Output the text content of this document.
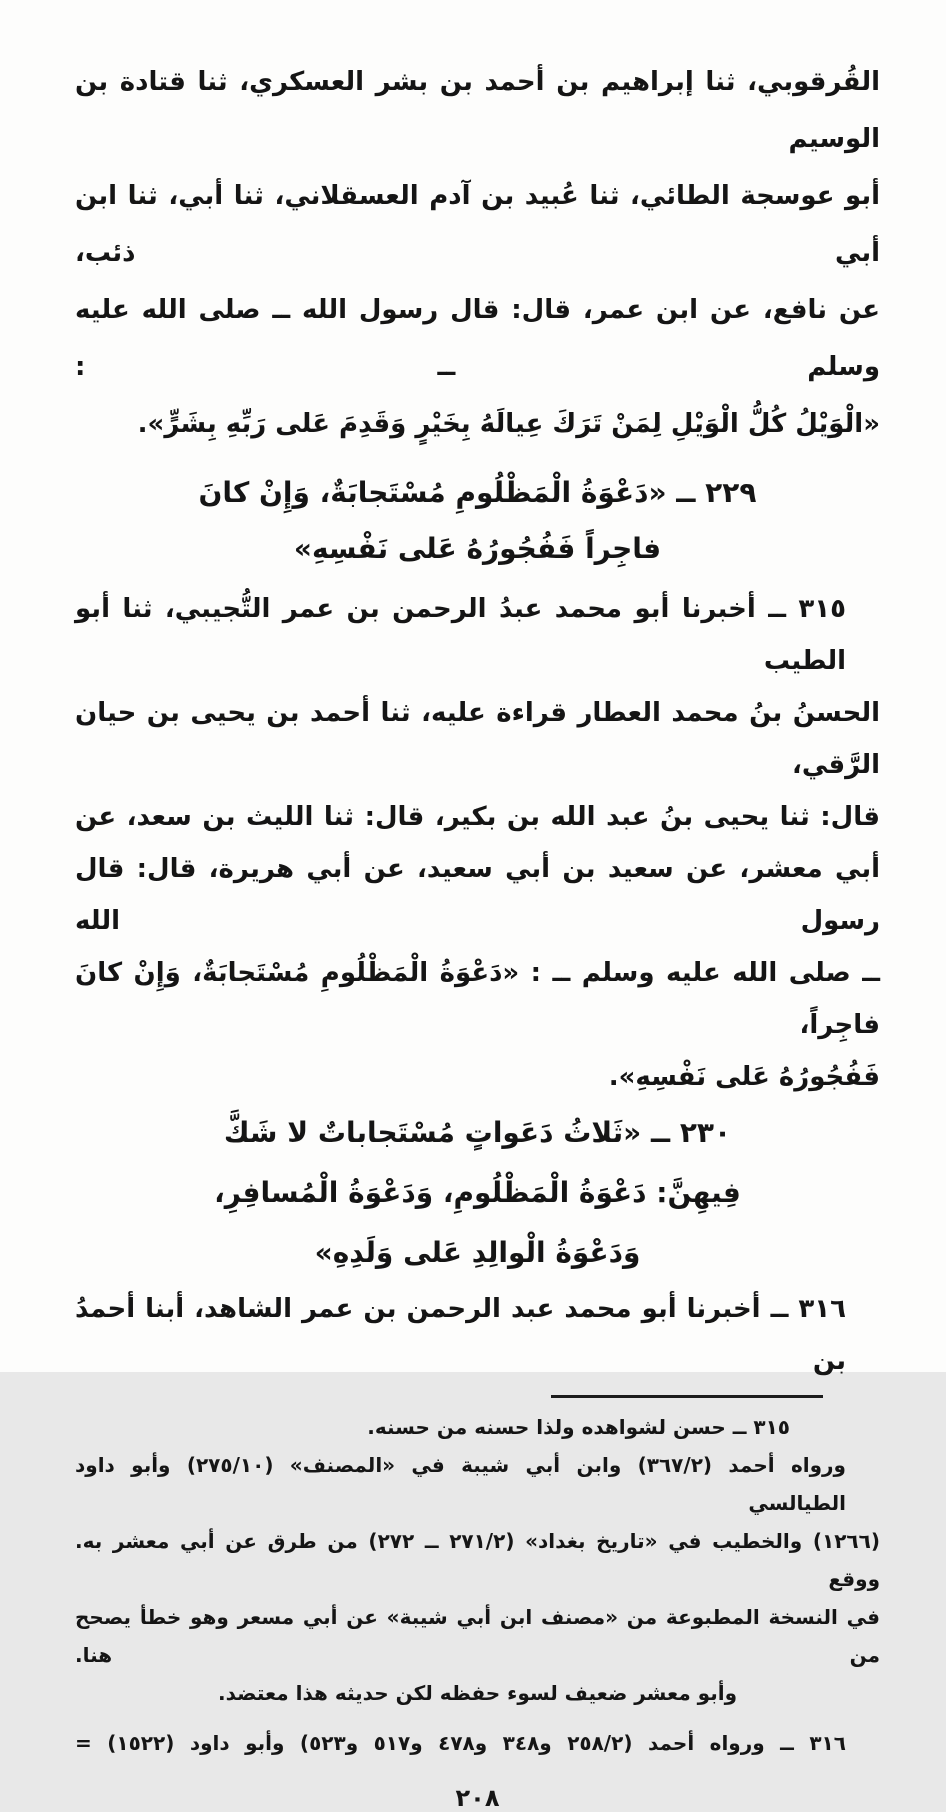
القُرقوبي، ثنا إبراهيم بن أحمد بن بشر العسكري، ثنا قتادة بن الوسيم
أبو عوسجة الطائي، ثنا عُبيد بن آدم العسقلاني، ثنا أبي، ثنا ابن أبي ذئب،
عن نافع، عن ابن عمر، قال: قال رسول الله ــ صلى الله عليه وسلم ــ :
«الْوَيْلُ كُلُّ الْوَيْلِ لِمَنْ تَرَكَ عِيالَهُ بِخَيْرٍ وَقَدِمَ عَلى رَبِّهِ بِشَرٍّ».
٢٢٩ ــ «دَعْوَةُ الْمَظْلُومِ مُسْتَجابَةٌ، وَإِنْ كانَ
فاجِراً فَفُجُورُهُ عَلى نَفْسِهِ»
٣١٥ ــ أخبرنا أبو محمد عبدُ الرحمن بن عمر التُّجيبي، ثنا أبو الطيب
الحسنُ بنُ محمد العطار قراءة عليه، ثنا أحمد بن يحيى بن حيان الرَّقي،
قال: ثنا يحيى بنُ عبد الله بن بكير، قال: ثنا الليث بن سعد، عن
أبي معشر، عن سعيد بن أبي سعيد، عن أبي هريرة، قال: قال رسول الله
ــ صلى الله عليه وسلم ــ : «دَعْوَةُ الْمَظْلُومِ مُسْتَجابَةٌ، وَإِنْ كانَ فاجِراً،
فَفُجُورُهُ عَلى نَفْسِهِ».
٢٣٠ ــ «ثَلاثُ دَعَواتٍ مُسْتَجاباتٌ لا شَكَّ
فِيهِنَّ: دَعْوَةُ الْمَظْلُومِ، وَدَعْوَةُ الْمُسافِرِ،
وَدَعْوَةُ الْوالِدِ عَلى وَلَدِهِ»
٣١٦ ــ أخبرنا أبو محمد عبد الرحمن بن عمر الشاهد، أبنا أحمدُ بن
٣١٥ ــ حسن لشواهده ولذا حسنه من حسنه.
ورواه أحمد (٣٦٧/٢) وابن أبي شيبة في «المصنف» (٢٧٥/١٠) وأبو داود الطيالسي
(١٢٦٦) والخطيب في «تاريخ بغداد» (٢٧١/٢ ــ ٢٧٢) من طرق عن أبي معشر به. ووقع
في النسخة المطبوعة من «مصنف ابن أبي شيبة» عن أبي مسعر وهو خطأ يصحح من هنا.
وأبو معشر ضعيف لسوء حفظه لكن حديثه هذا معتضد.
٣١٦ ــ ورواه أحمد (٢٥٨/٢ و٣٤٨ و٤٧٨ و٥١٧ و٥٢٣) وأبو داود (١٥٢٢) =
٢٠٨
